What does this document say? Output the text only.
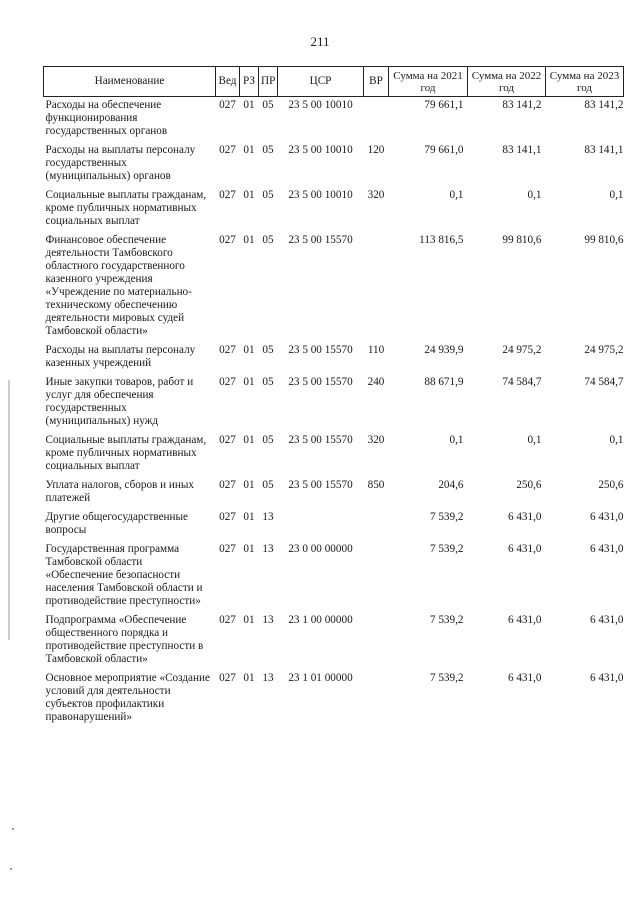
211
Наименование	Вед	РЗ	ПР	ЦСР	ВР	Сумма на 2021 год	Сумма на 2022 год	Сумма на 2023 год
Расходы на обеспечение функционирования государственных органов	027	01	05	23 5 00 10010		79 661,1	83 141,2	83 141,2
Расходы на выплаты персоналу государственных (муниципальных) органов	027	01	05	23 5 00 10010	120	79 661,0	83 141,1	83 141,1
Социальные выплаты гражданам, кроме публичных нормативных социальных выплат	027	01	05	23 5 00 10010	320	0,1	0,1	0,1
Финансовое обеспечение деятельности Тамбовского областного государственного казенного учреждения «Учреждение по материально-техническому обеспечению деятельности мировых судей Тамбовской области»	027	01	05	23 5 00 15570		113 816,5	99 810,6	99 810,6
Расходы на выплаты персоналу казенных учреждений	027	01	05	23 5 00 15570	110	24 939,9	24 975,2	24 975,2
Иные закупки товаров, работ и услуг для обеспечения государственных (муниципальных) нужд	027	01	05	23 5 00 15570	240	88 671,9	74 584,7	74 584,7
Социальные выплаты гражданам, кроме публичных нормативных социальных выплат	027	01	05	23 5 00 15570	320	0,1	0,1	0,1
Уплата налогов, сборов и иных платежей	027	01	05	23 5 00 15570	850	204,6	250,6	250,6
Другие общегосударственные вопросы	027	01	13			7 539,2	6 431,0	6 431,0
Государственная программа Тамбовской области «Обеспечение безопасности населения Тамбовской области и противодействие преступности»	027	01	13	23 0 00 00000		7 539,2	6 431,0	6 431,0
Подпрограмма «Обеспечение общественного порядка и противодействие преступности в Тамбовской области»	027	01	13	23 1 00 00000		7 539,2	6 431,0	6 431,0
Основное мероприятие «Создание условий для деятельности субъектов профилактики правонарушений»	027	01	13	23 1 01 00000		7 539,2	6 431,0	6 431,0
